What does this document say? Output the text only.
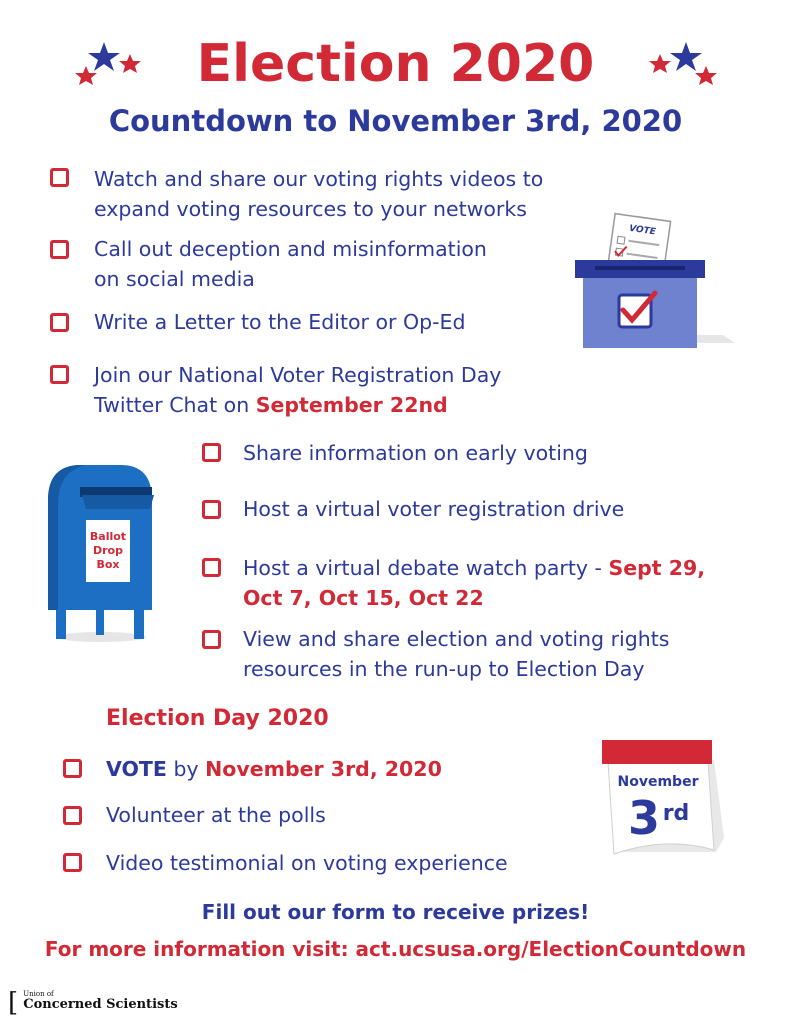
Election 2020
Countdown to November 3rd, 2020
Watch and share our voting rights videos to
expand voting resources to your networks
Call out deception and misinformation
on social media
Write a Letter to the Editor or Op-Ed
Join our National Voter Registration Day
Twitter Chat on September 22nd
VOTE
Share information on early voting
Host a virtual voter registration drive
Host a virtual debate watch party - Sept 29,
Oct 7, Oct 15, Oct 22
View and share election and voting rights
resources in the run-up to Election Day
Ballot
Drop
Box
Election Day 2020
VOTE by November 3rd, 2020
Volunteer at the polls
Video testimonial on voting experience
November
3 rd
Fill out our form to receive prizes!
For more information visit: act.ucsusa.org/ElectionCountdown
[ Union of
Concerned Scientists
